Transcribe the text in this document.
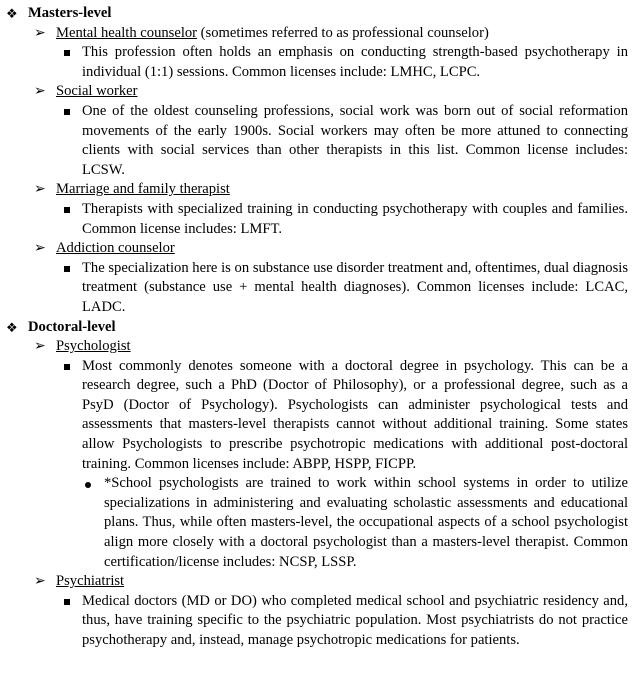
❖ Masters-level
➢ Mental health counselor (sometimes referred to as professional counselor)
This profession often holds an emphasis on conducting strength-based psychotherapy in individual (1:1) sessions. Common licenses include: LMHC, LCPC.
➢ Social worker
One of the oldest counseling professions, social work was born out of social reformation movements of the early 1900s. Social workers may often be more attuned to connecting clients with social services than other therapists in this list. Common license includes: LCSW.
➢ Marriage and family therapist
Therapists with specialized training in conducting psychotherapy with couples and families. Common license includes: LMFT.
➢ Addiction counselor
The specialization here is on substance use disorder treatment and, oftentimes, dual diagnosis treatment (substance use + mental health diagnoses). Common licenses include: LCAC, LADC.
❖ Doctoral-level
➢ Psychologist
Most commonly denotes someone with a doctoral degree in psychology. This can be a research degree, such a PhD (Doctor of Philosophy), or a professional degree, such as a PsyD (Doctor of Psychology). Psychologists can administer psychological tests and assessments that masters-level therapists cannot without additional training. Some states allow Psychologists to prescribe psychotropic medications with additional post-doctoral training. Common licenses include: ABPP, HSPP, FICPP.
*School psychologists are trained to work within school systems in order to utilize specializations in administering and evaluating scholastic assessments and educational plans. Thus, while often masters-level, the occupational aspects of a school psychologist align more closely with a doctoral psychologist than a masters-level therapist. Common certification/license includes: NCSP, LSSP.
➢ Psychiatrist
Medical doctors (MD or DO) who completed medical school and psychiatric residency and, thus, have training specific to the psychiatric population. Most psychiatrists do not practice psychotherapy and, instead, manage psychotropic medications for patients.
